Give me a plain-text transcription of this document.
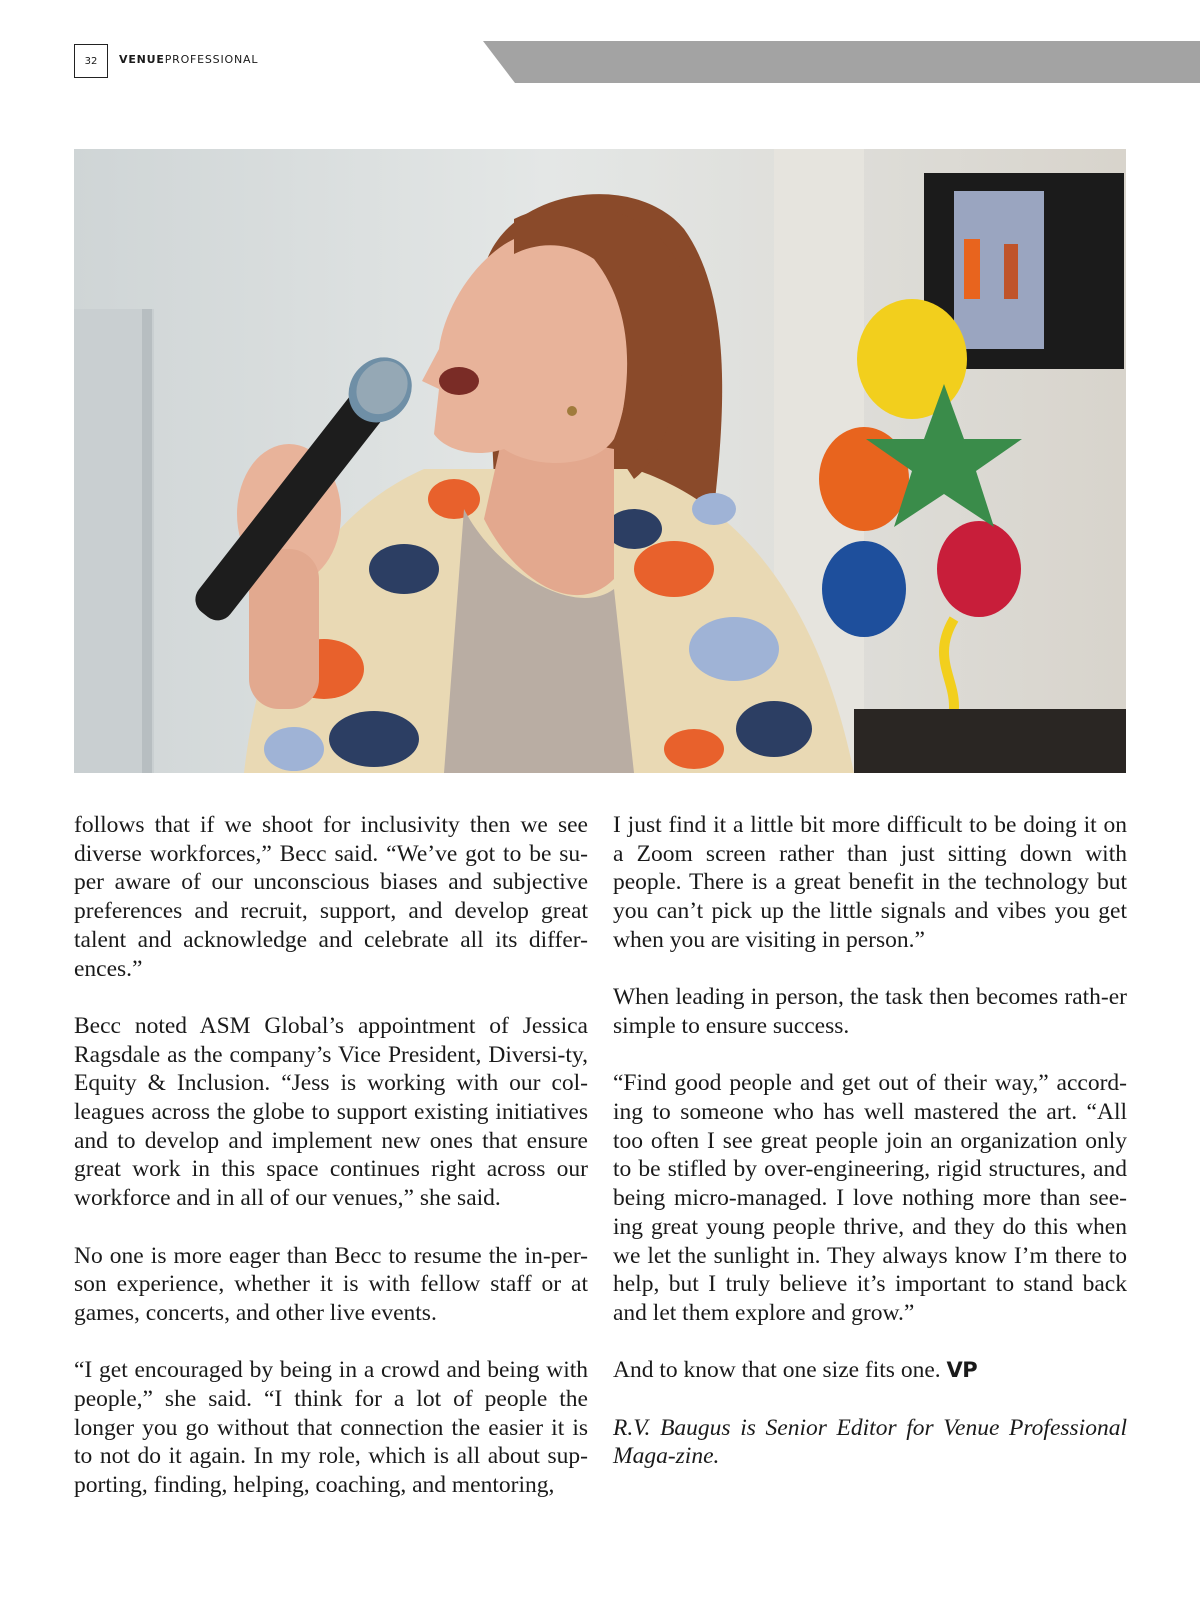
32	VENUEPROFESSIONAL

follows that if we shoot for inclusivity then we see diverse workforces,” Becc said. “We’ve got to be su-per aware of our unconscious biases and subjective preferences and recruit, support, and develop great talent and acknowledge and celebrate all its differ-ences.”

Becc noted ASM Global’s appointment of Jessica Ragsdale as the company’s Vice President, Diversi-ty, Equity & Inclusion. “Jess is working with our col-leagues across the globe to support existing initiatives and to develop and implement new ones that ensure great work in this space continues right across our workforce and in all of our venues,” she said.

No one is more eager than Becc to resume the in-per-son experience, whether it is with fellow staff or at games, concerts, and other live events.

“I get encouraged by being in a crowd and being with people,” she said. “I think for a lot of people the longer you go without that connection the easier it is to not do it again. In my role, which is all about sup-porting, finding, helping, coaching, and mentoring,

I just find it a little bit more difficult to be doing it on a Zoom screen rather than just sitting down with people. There is a great benefit in the technology but you can’t pick up the little signals and vibes you get when you are visiting in person.”

When leading in person, the task then becomes rath-er simple to ensure success.

“Find good people and get out of their way,” accord-ing to someone who has well mastered the art. “All too often I see great people join an organization only to be stifled by over-engineering, rigid structures, and being micro-managed. I love nothing more than see-ing great young people thrive, and they do this when we let the sunlight in. They always know I’m there to help, but I truly believe it’s important to stand back and let them explore and grow.”

And to know that one size fits one. VP

R.V. Baugus is Senior Editor for Venue Professional Maga-zine.
